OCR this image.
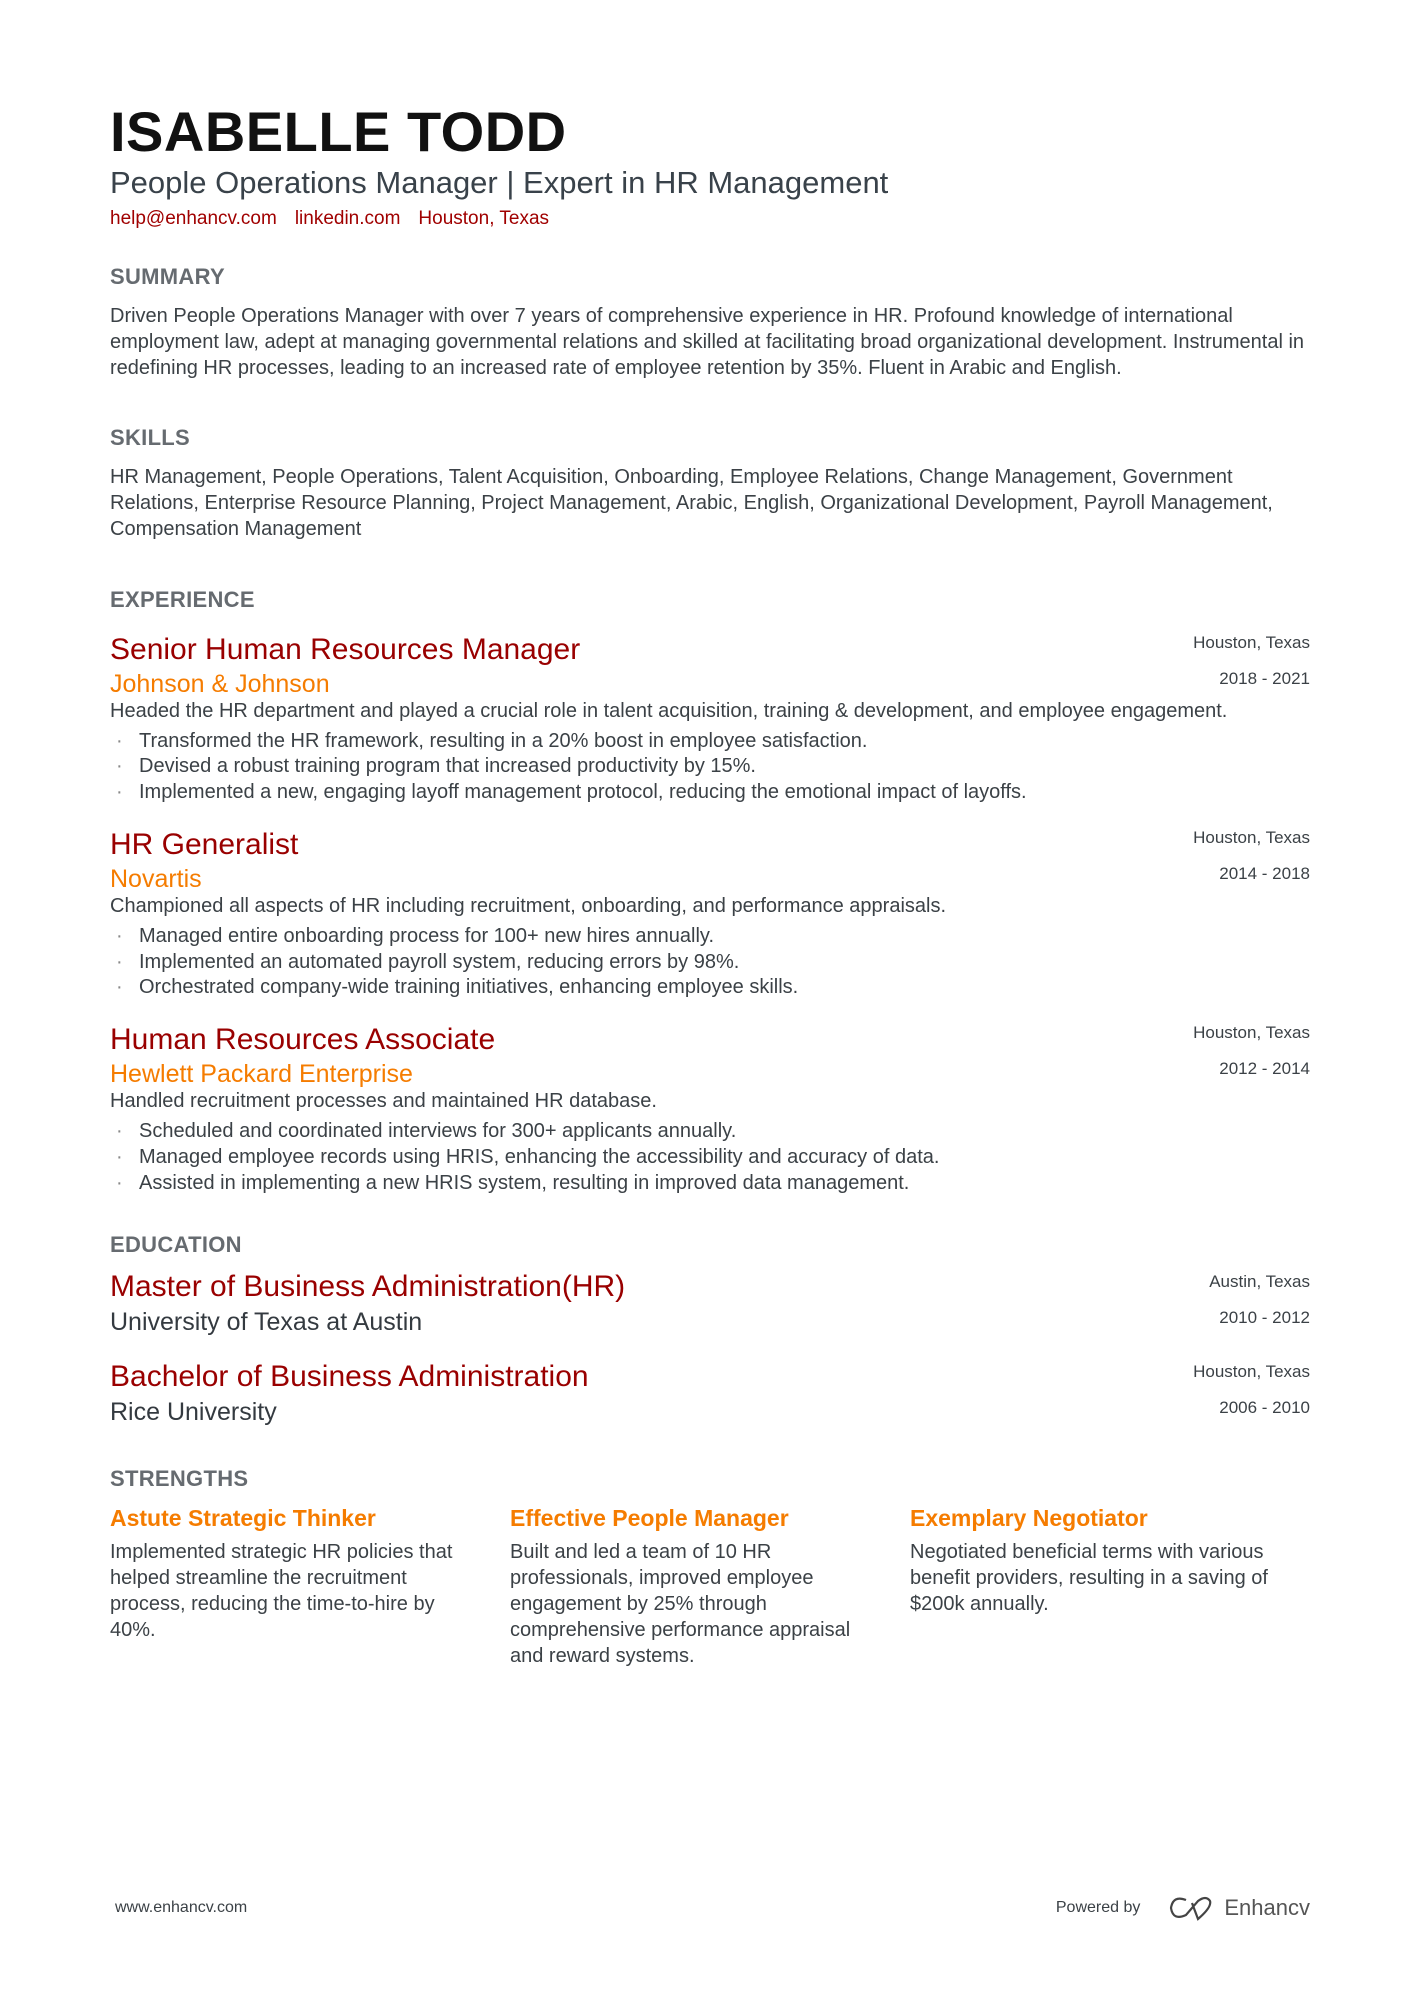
ISABELLE TODD
People Operations Manager | Expert in HR Management
help@enhancv.com linkedin.com Houston, Texas
SUMMARY
Driven People Operations Manager with over 7 years of comprehensive experience in HR. Profound knowledge of international employment law, adept at managing governmental relations and skilled at facilitating broad organizational development. Instrumental in redefining HR processes, leading to an increased rate of employee retention by 35%. Fluent in Arabic and English.
SKILLS
HR Management, People Operations, Talent Acquisition, Onboarding, Employee Relations, Change Management, Government Relations, Enterprise Resource Planning, Project Management, Arabic, English, Organizational Development, Payroll Management, Compensation Management
EXPERIENCE
Houston, Texas
2018 - 2021
Senior Human Resources Manager
Johnson & Johnson
Headed the HR department and played a crucial role in talent acquisition, training & development, and employee engagement.
· Transformed the HR framework, resulting in a 20% boost in employee satisfaction.
· Devised a robust training program that increased productivity by 15%.
· Implemented a new, engaging layoff management protocol, reducing the emotional impact of layoffs.
Houston, Texas
2014 - 2018
HR Generalist
Novartis
Championed all aspects of HR including recruitment, onboarding, and performance appraisals.
· Managed entire onboarding process for 100+ new hires annually.
· Implemented an automated payroll system, reducing errors by 98%.
· Orchestrated company-wide training initiatives, enhancing employee skills.
Houston, Texas
2012 - 2014
Human Resources Associate
Hewlett Packard Enterprise
Handled recruitment processes and maintained HR database.
· Scheduled and coordinated interviews for 300+ applicants annually.
· Managed employee records using HRIS, enhancing the accessibility and accuracy of data.
· Assisted in implementing a new HRIS system, resulting in improved data management.
EDUCATION
Austin, Texas
2010 - 2012
Master of Business Administration(HR)
University of Texas at Austin
Houston, Texas
2006 - 2010
Bachelor of Business Administration
Rice University
STRENGTHS
Astute Strategic Thinker
Implemented strategic HR policies that helped streamline the recruitment process, reducing the time-to-hire by 40%.
Effective People Manager
Built and led a team of 10 HR professionals, improved employee engagement by 25% through comprehensive performance appraisal and reward systems.
Exemplary Negotiator
Negotiated beneficial terms with various benefit providers, resulting in a saving of $200k annually.
www.enhancv.com	Powered by	Enhancv
